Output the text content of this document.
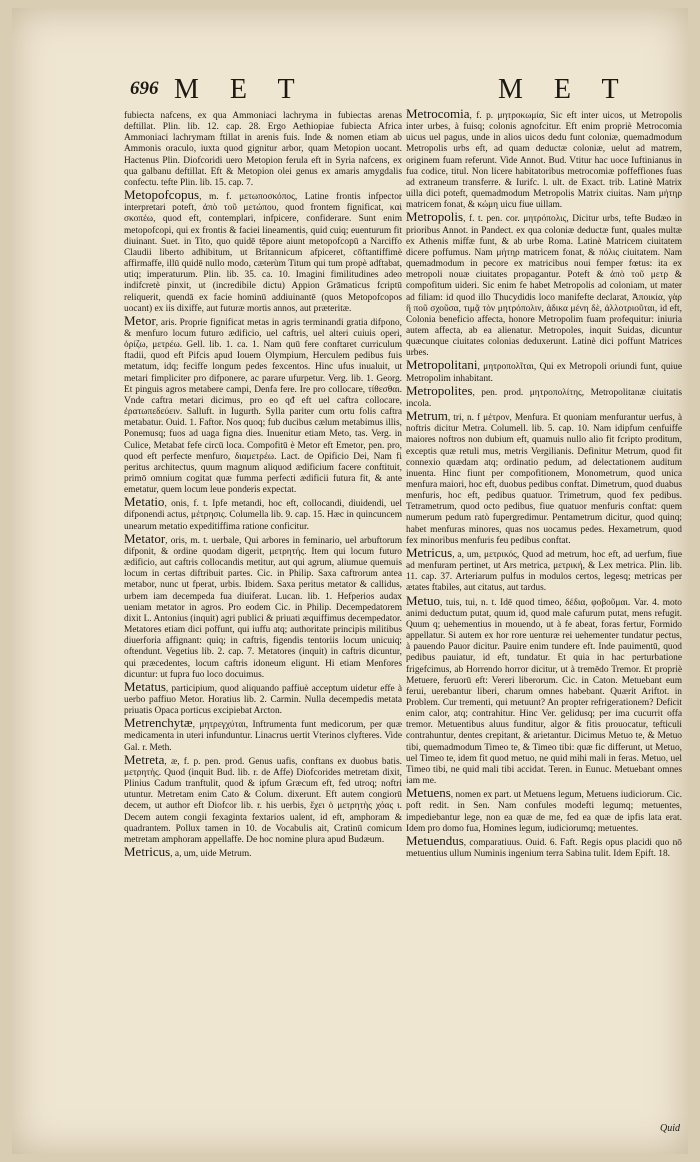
696 M E T	M E T

fubiecta nafcens, ex qua Ammoniaci lachryma in fubiectas arenas deftillat. Plin. lib. 12. cap. 28. Ergo Aethiopiae fubiecta Africa Ammoniaci lachrymam ftillat in arenis fuis. Inde & nomen etiam ab Ammonis oraculo, iuxta quod gignitur arbor, quam Metopion uocant. Hactenus Plin. Diofcoridi uero Metopion ferula eft in Syria nafcens, ex qua galbanu deftillat. Eft & Metopion olei genus ex amaris amygdalis confectu. tefte Plin. lib. 15. cap. 7.

Metopofcopus, m. f. μετωποσκόπος, Latine frontis infpector interpretari poteft, ἀπὸ τοῦ μετώπου, quod frontem fignificat, καὶ σκοπέω, quod eft, contemplari, infpicere, confiderare. Sunt enim metopofcopi, qui ex frontis & faciei lineamentis, quid cuiq; euenturum fit diuinant. Suet. in Tito, quo quidē tēpore aiunt metopofcopū a Narciffo Claudii liberto adhibitum, ut Britannicum afpiceret, cōftantiffimè affirmaffe, illū quidē nullo modo, cæterùm Titum qui tum propè adftabat, utiq; imperaturum. Plin. lib. 35. ca. 10. Imagini fimilitudines adeo indifcretè pinxit, ut (incredibile dictu) Appion Grāmaticus fcriptū reliquerit, quendā ex facie hominū addiuinantē (quos Metopofcopos uocant) ex iis dixiffe, aut futuræ mortis annos, aut præteritæ.

Metor, aris. Proprie fignificat metas in agris terminandi gratia difpono, & menfuro locum futuro ædificio, uel caftris, uel alteri cuiuis operi, ὁρίζω, μετρέω. Gell. lib. 1. ca. 1. Nam quū fere conftaret curriculum ftadii, quod eft Pifcis apud Iouem Olympium, Herculem pedibus fuis metatum, idq; feciffe longum pedes fexcentos. Hinc ufus inualuit, ut metari fimpliciter pro difponere, ac parare ufurpetur. Verg. lib. 1. Georg. Et pinguis agros metabere campi, Denfa fere. Ire pro collocare, τίθεσθαι. Vnde caftra metari dicimus, pro eo qđ eft uel caftra collocare, ἐρατωπεδεύειν. Salluft. in Iugurth. Sylla pariter cum ortu folis caftra metabatur. Ouid. 1. Faftor. Nos quoq; fub ducibus cælum metabimus illis, Ponemusq; fuos ad uaga figna dies. Inuenitur etiam Meto, tas. Verg. in Culice, Metabat fefe circū loca. Compofitū è Metor eft Emetor, pen. pro, quod eft perfecte menfuro, διαμετρέω. Lact. de Opificio Dei, Nam fi peritus architectus, quum magnum aliquod ædificium facere conftituit, primō omnium cogitat quæ fumma perfecti ædificii futura fit, & ante emetatur, quem locum leue ponderis expectat.

Metatio, onis, f. t. Ipfe metandi, hoc eft, collocandi, diuidendi, uel difponendi actus, μέτρησις. Columella lib. 9. cap. 15. Hæc in quincuncem unearum metatio expeditiffima ratione conficitur.

Metator, oris, m. t. uerbale, Qui arbores in feminario, uel arbuftorum difponit, & ordine quodam digerit, μετρητής. Item qui locum futuro ædificio, aut caftris collocandis metitur, aut qui agrum, aliumue quemuis locum in certas diftribuit partes. Cic. in Philip. Saxa caftrorum antea metabor, nunc ut fperat, urbis. Ibidem. Saxa peritus metator & callidus, urbem iam decempeda fua diuiferat. Lucan. lib. 1. Hefperios audax ueniam metator in agros. Pro eodem Cic. in Philip. Decempedatorem dixit L. Antonius (inquit) agri publici & priuati æquiffimus decempedator. Metatores etiam dici poffunt, qui iuffu atq; authoritate principis militibus diuerforia affignant: quiq; in caftris, figendis tentoriis locum unicuiq; oftendunt. Vegetius lib. 2. cap. 7. Metatores (inquit) in caftris dicuntur, qui præcedentes, locum caftris idoneum eligunt. Hi etiam Menfores dicuntur: ut fupra fuo loco docuimus.

Metatus, participium, quod aliquando paffiuè acceptum uidetur effe à uerbo paffiuo Metor. Horatius lib. 2. Carmin. Nulla decempedis metata priuatis Opaca porticus excipiebat Arcton.

Metrenchytæ, μητρεγχύται, Inftrumenta funt medicorum, per quæ medicamenta in uteri infunduntur. Linacrus uertit Vterinos clyfteres. Vide Gal. r. Meth.

Metreta, æ, f. p. pen. prod. Genus uafis, conftans ex duobus batis. μετρητὴς. Quod (inquit Bud. lib. r. de Affe) Diofcorides metretam dixit, Plinius Cadum tranftulit, quod & ipfum Græcum eft, fed utroq; noftri utuntur. Metretam enim Cato & Colum. dixerunt. Eft autem congiorū decem, ut author eft Diofcor lib. r. his uerbis, ἔχει ὁ μετρητὴς χόας ι. Decem autem congii fexaginta fextarios ualent, id eft, amphoram & quadrantem. Pollux tamen in 10. de Vocabulis ait, Cratinū comicum metretam amphoram appellaffe. De hoc nomine plura apud Budæum.

Metricus, a, um, uide Metrum.

Metrocomia, f. p. μητροκωμία, Sic eft inter uicos, ut Metropolis inter urbes, à fuisq; colonis agnofcitur. Eft enim propriè Metrocomia uicus uel pagus, unde in alios uicos dedu funt coloniæ, quemadmodum Metropolis urbs eft, ad quam deductæ coloniæ, uelut ad matrem, originem fuam referunt. Vide Annot. Bud. Vtitur hac uoce Iuftinianus in fua codice, titul. Non licere habitatoribus metrocomiæ poffeffiones fuas ad extraneum transferre. & Iurifc. l. ult. de Exact. trib. Latinè Matrix uilla dici poteft, quemadmodum Metropolis Matrix ciuitas. Nam μήτηρ matricem fonat, & κώμη uicu fiue uillam.

Metropolis, f. t. pen. cor. μητρόπολις, Dicitur urbs, tefte Budæo in prioribus Annot. in Pandect. ex qua coloniæ deductæ funt, quales multæ ex Athenis miffæ funt, & ab urbe Roma. Latinè Matricem ciuitatem dicere poffumus. Nam μήτηρ matricem fonat, & πόλις ciuitatem. Nam quemadmodum in pecore ex matricibus noui femper fœtus: ita ex metropoli nouæ ciuitates propagantur. Poteft & ἀπὸ τοῦ μετρ & compofitum uideri. Sic enim fe habet Metropolis ad coloniam, ut mater ad filiam: id quod illo Thucydidis loco manifefte declarat, Ἀποικία, γὰρ ἢ ποῦ σχοῦσα, τιμᾷ τὸν μητρόπολιν, ἀδικα μένη δὲ, ἀλλοτριοῦται, id eft, Colonia beneficio affecta, honore Metropolim fuam profequitur: iniuria autem affecta, ab ea alienatur. Metropoles, inquit Suidas, dicuntur quæcunque ciuitates colonias deduxerunt. Latinè dici poffunt Matrices urbes.

Metropolitani, μητροπολῖται, Qui ex Metropoli oriundi funt, quiue Metropolim inhabitant.

Metropolites, pen. prod. μητροπολίτης, Metropolitanæ ciuitatis incola.

Metrum, tri, n. f μέτρον, Menfura. Et quoniam menfurantur uerfus, à noftris dicitur Metra. Columell. lib. 5. cap. 10. Nam idipfum cenfuiffe maiores noftros non dubium eft, quamuis nullo alio fit fcripto proditum, exceptis quæ retuli mus, metris Vergilianis. Definitur Metrum, quod fit connexio quædam atq; ordinatio pedum, ad delectationem auditum inuenta. Hinc fiunt per compofitionem, Monometrum, quod unica menfura maiori, hoc eft, duobus pedibus conftat. Dimetrum, quod duabus menfuris, hoc eft, pedibus quatuor. Trimetrum, quod fex pedibus. Tetrametrum, quod octo pedibus, fiue quatuor menfuris conftat: quem numerum pedum ratò fupergredimur. Pentametrum dicitur, quod quinq; habet menfuras minores, quas nos uocamus pedes. Hexametrum, quod fex minoribus menfuris feu pedibus conftat.

Metricus, a, um, μετρικός, Quod ad metrum, hoc eft, ad uerfum, fiue ad menfuram pertinet, ut Ars metrica, μετρική, & Lex metrica. Plin. lib. 11. cap. 37. Arteriarum pulfus in modulos certos, legesq; metricas per ætates ftabiles, aut citatus, aut tardus.

Metuo, tuis, tui, n. t. Idē quod timeo, δέδια, φοβοῦμαι. Var. 4. moto animi deductum putat, quum id, quod male cafurum putat, mens refugit. Quum q; uehementius in mouendo, ut à fe abeat, foras fertur, Formido appellatur. Si autem ex hor rore uenturæ rei uehementer tundatur pectus, à pauendo Pauor dicitur. Pauire enim tundere eft. Inde pauimentū, quod pedibus pauiatur, id eft, tundatur. Et quia in hac perturbatione frigefcimus, ab Horrendo horror dicitur, ut à tremēdo Tremor. Et propriè Metuere, feruorū eft: Vereri liberorum. Cic. in Caton. Metuebant eum ferui, uerebantur liberi, charum omnes habebant. Quærit Ariftot. in Problem. Cur trementi, qui metuunt? An propter refrigerationem? Deficit enim calor, atq; contrahitur. Hinc Ver. gelidusq; per ima cucurrit offa tremor. Metuentibus aluus funditur, algor & fitis prouocatur, tefticuli contrahuntur, dentes crepitant, & arietantur. Dicimus Metuo te, & Metuo tibi, quemadmodum Timeo te, & Timeo tibi: quæ fic differunt, ut Metuo, uel Timeo te, idem fit quod metuo, ne quid mihi mali in feras. Metuo, uel Timeo tibi, ne quid mali tibi accidat. Teren. in Eunuc. Metuebant omnes iam me.

Metuens, nomen ex part. ut Metuens legum, Metuens iudiciorum. Cic. poft redit. in Sen. Nam confules modefti legumq; metuentes, impediebantur lege, non ea quæ de me, fed ea quæ de ipfis lata erat. Idem pro domo fua, Homines legum, iudiciorumq; metuentes.

Metuendus, comparatiuus. Ouid. 6. Faft. Regis opus placidi quo nō metuentius ullum Numinis ingenium terra Sabina tulit. Idem Epift. 18.

Quid
